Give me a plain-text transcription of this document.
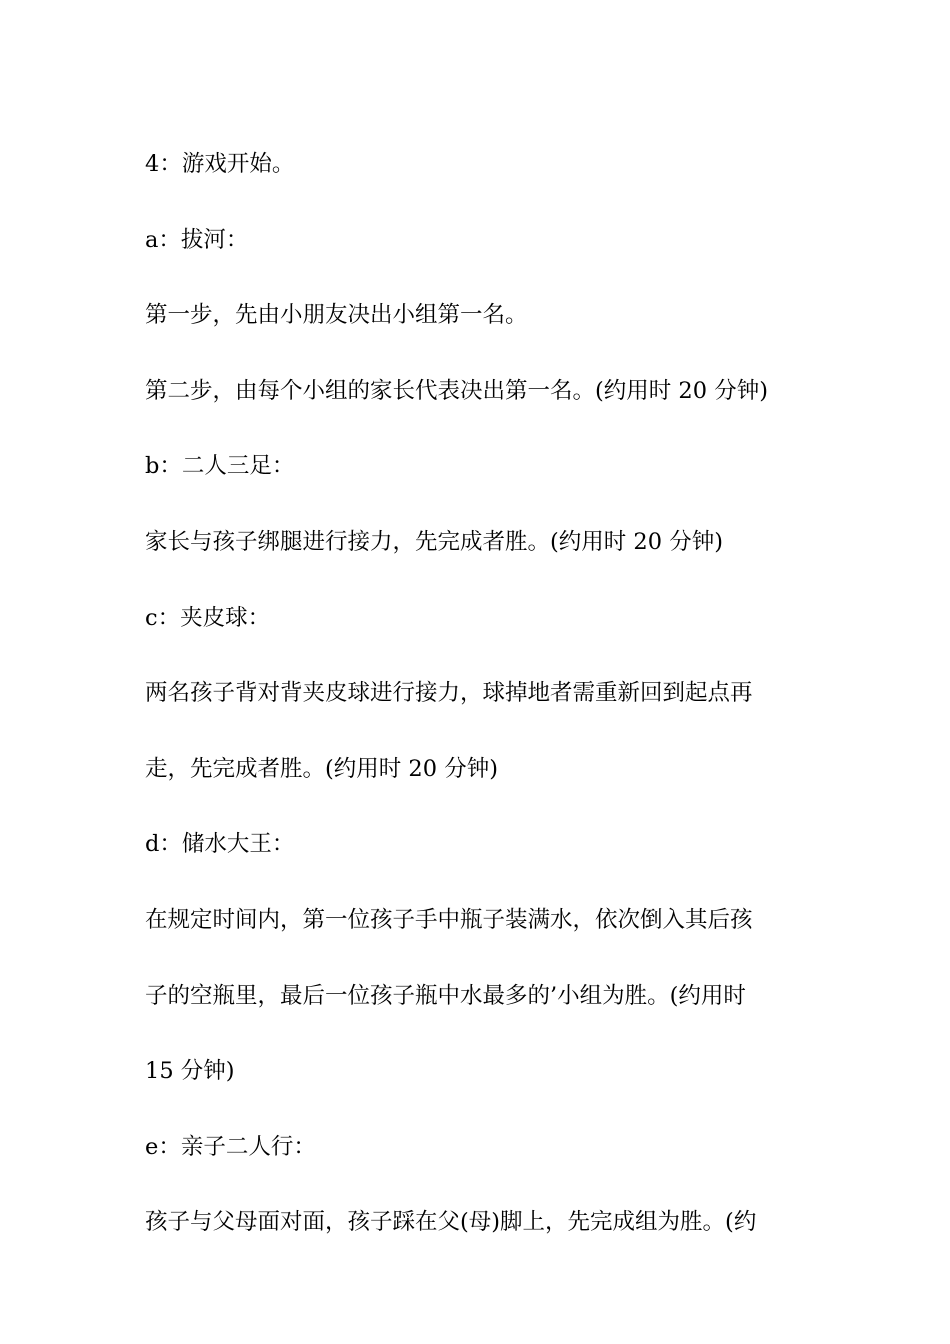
4：游戏开始。
a：拔河：
第一步，先由小朋友决出小组第一名。
第二步，由每个小组的家长代表决出第一名。(约用时 20 分钟)
b：二人三足：
家长与孩子绑腿进行接力，先完成者胜。(约用时 20 分钟)
c：夹皮球：
两名孩子背对背夹皮球进行接力，球掉地者需重新回到起点再
走，先完成者胜。(约用时 20 分钟)
d：储水大王：
在规定时间内，第一位孩子手中瓶子装满水，依次倒入其后孩
子的空瓶里，最后一位孩子瓶中水最多的’小组为胜。(约用时
15 分钟)
e：亲子二人行：
孩子与父母面对面，孩子踩在父(母)脚上，先完成组为胜。(约
